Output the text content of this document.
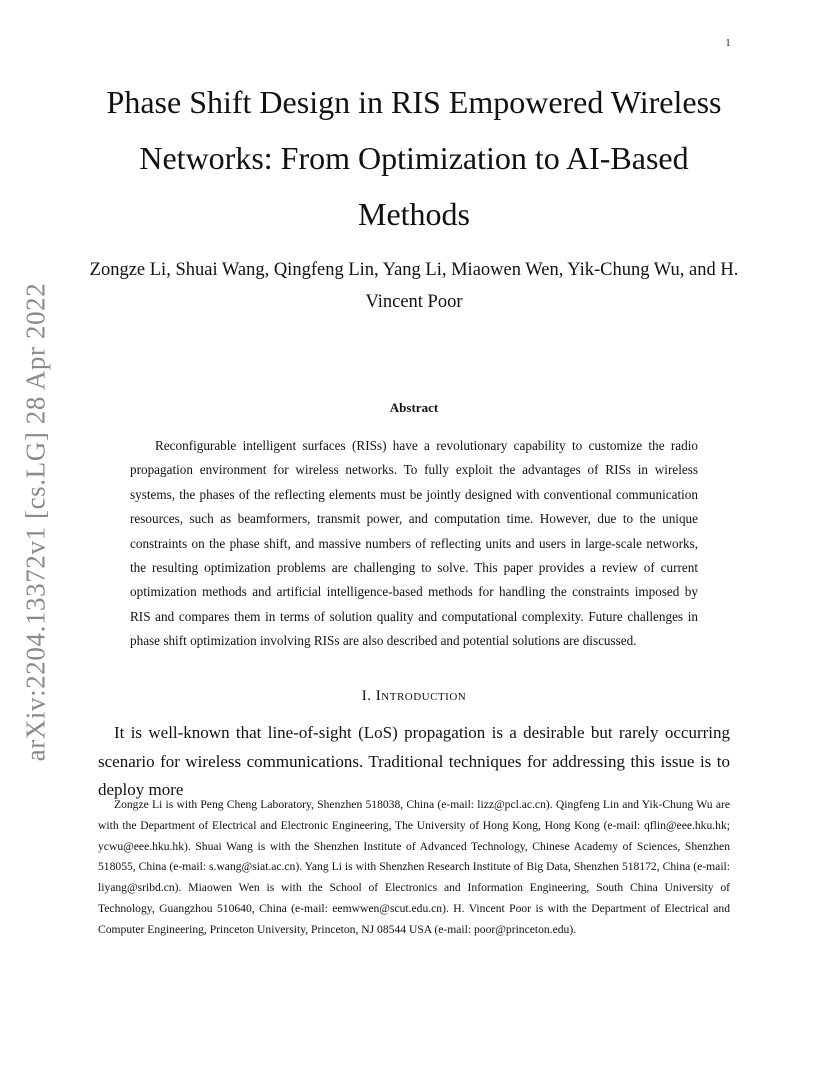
1
arXiv:2204.13372v1 [cs.LG] 28 Apr 2022
Phase Shift Design in RIS Empowered Wireless Networks: From Optimization to AI-Based Methods
Zongze Li, Shuai Wang, Qingfeng Lin, Yang Li, Miaowen Wen, Yik-Chung Wu, and H. Vincent Poor
Abstract

Reconfigurable intelligent surfaces (RISs) have a revolutionary capability to customize the radio propagation environment for wireless networks. To fully exploit the advantages of RISs in wireless systems, the phases of the reflecting elements must be jointly designed with conventional communication resources, such as beamformers, transmit power, and computation time. However, due to the unique constraints on the phase shift, and massive numbers of reflecting units and users in large-scale networks, the resulting optimization problems are challenging to solve. This paper provides a review of current optimization methods and artificial intelligence-based methods for handling the constraints imposed by RIS and compares them in terms of solution quality and computational complexity. Future challenges in phase shift optimization involving RISs are also described and potential solutions are discussed.

I. Introduction

It is well-known that line-of-sight (LoS) propagation is a desirable but rarely occurring scenario for wireless communications. Traditional techniques for addressing this issue is to deploy more

Zongze Li is with Peng Cheng Laboratory, Shenzhen 518038, China (e-mail: lizz@pcl.ac.cn). Qingfeng Lin and Yik-Chung Wu are with the Department of Electrical and Electronic Engineering, The University of Hong Kong, Hong Kong (e-mail: qflin@eee.hku.hk; ycwu@eee.hku.hk). Shuai Wang is with the Shenzhen Institute of Advanced Technology, Chinese Academy of Sciences, Shenzhen 518055, China (e-mail: s.wang@siat.ac.cn). Yang Li is with Shenzhen Research Institute of Big Data, Shenzhen 518172, China (e-mail: liyang@sribd.cn). Miaowen Wen is with the School of Electronics and Information Engineering, South China University of Technology, Guangzhou 510640, China (e-mail: eemwwen@scut.edu.cn). H. Vincent Poor is with the Department of Electrical and Computer Engineering, Princeton University, Princeton, NJ 08544 USA (e-mail: poor@princeton.edu).
